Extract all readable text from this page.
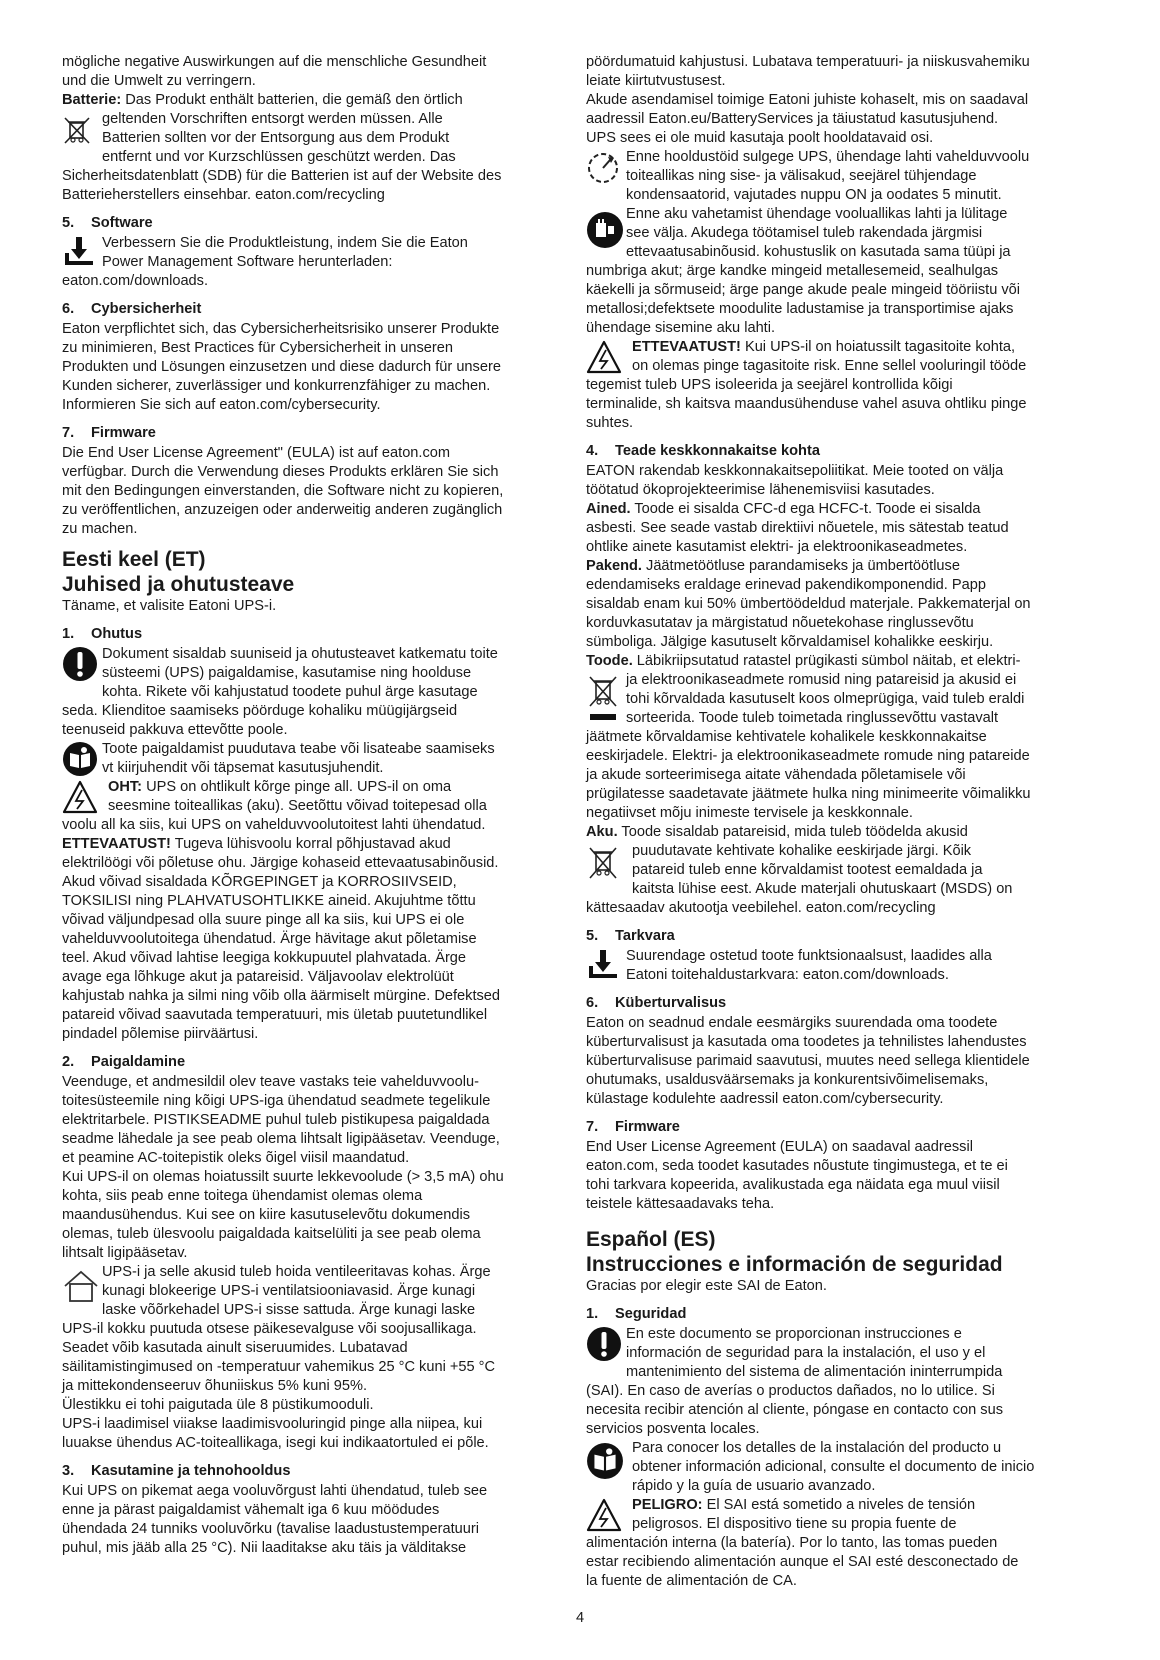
mögliche negative Auswirkungen auf die menschliche Gesundheit

und die Umwelt zu verringern.

Batterie: Das Produkt enthält batterien, die gemäß den örtlich

geltenden Vorschriften entsorgt werden müssen. Alle

Batterien sollten vor der Entsorgung aus dem Produkt

entfernt und vor Kurzschlüssen geschützt werden. Das

Sicherheitsdatenblatt (SDB) für die Batterien ist auf der Website des

Batterieherstellers einsehbar. eaton.com/recycling

5. Software

Verbessern Sie die Produktleistung, indem Sie die Eaton

Power Management Software herunterladen:

eaton.com/downloads.

6. Cybersicherheit

Eaton verpflichtet sich, das Cybersicherheitsrisiko unserer Produkte

zu minimieren, Best Practices für Cybersicherheit in unseren

Produkten und Lösungen einzusetzen und diese dadurch für unsere

Kunden sicherer, zuverlässiger und konkurrenzfähiger zu machen.

Informieren Sie sich auf eaton.com/cybersecurity.

7. Firmware

Die End User License Agreement" (EULA) ist auf eaton.com

verfügbar. Durch die Verwendung dieses Produkts erklären Sie sich

mit den Bedingungen einverstanden, die Software nicht zu kopieren,

zu veröffentlichen, anzuzeigen oder anderweitig anderen zugänglich

zu machen.

Eesti keel (ET)
Juhised ja ohutusteave

Täname, et valisite Eatoni UPS-i.

1. Ohutus

Dokument sisaldab suuniseid ja ohutusteavet katkematu toite

süsteemi (UPS) paigaldamise, kasutamise ning hoolduse

kohta. Rikete või kahjustatud toodete puhul ärge kasutage

seda. Klienditoe saamiseks pöörduge kohaliku müügijärgseid

teenuseid pakkuva ettevõtte poole.

Toote paigaldamist puudutava teabe või lisateabe saamiseks

vt kiirjuhendit või täpsemat kasutusjuhendit.

OHT: UPS on ohtlikult kõrge pinge all. UPS-il on oma

seesmine toiteallikas (aku). Seetõttu võivad toitepesad olla

voolu all ka siis, kui UPS on vahelduvvoolutoitest lahti ühendatud.

ETTEVAATUST! Tugeva lühisvoolu korral põhjustavad akud

elektrilöögi või põletuse ohu. Järgige kohaseid ettevaatusabinõusid.

Akud võivad sisaldada KÕRGEPINGET ja KORROSIIVSEID,

TOKSILISI ning PLAHVATUSOHTLIKKE aineid. Akujuhtme tõttu

võivad väljundpesad olla suure pinge all ka siis, kui UPS ei ole

vahelduvvoolutoitega ühendatud. Ärge hävitage akut põletamise

teel. Akud võivad lahtise leegiga kokkupuutel plahvatada. Ärge

avage ega lõhkuge akut ja patareisid. Väljavoolav elektrolüüt

kahjustab nahka ja silmi ning võib olla äärmiselt mürgine. Defektsed

patareid võivad saavutada temperatuuri, mis ületab puutetundlikel

pindadel põlemise piirväärtusi.

2. Paigaldamine

Veenduge, et andmesildil olev teave vastaks teie vahelduvvoolu-

toitesüsteemile ning kõigi UPS-iga ühendatud seadmete tegelikule

elektritarbele. PISTIKSEADME puhul tuleb pistikupesa paigaldada

seadme lähedale ja see peab olema lihtsalt ligipääsetav. Veenduge,

et peamine AC-toitepistik oleks õigel viisil maandatud.

Kui UPS-il on olemas hoiatussilt suurte lekkevoolude (> 3,5 mA) ohu

kohta, siis peab enne toitega ühendamist olemas olema

maandusühendus. Kui see on kiire kasutuselevõtu dokumendis

olemas, tuleb ülesvoolu paigaldada kaitselüliti ja see peab olema

lihtsalt ligipääsetav.

UPS-i ja selle akusid tuleb hoida ventileeritavas kohas. Ärge

kunagi blokeerige UPS-i ventilatsiooniavasid. Ärge kunagi

laske võõrkehadel UPS-i sisse sattuda. Ärge kunagi laske

UPS-il kokku puutuda otsese päikesevalguse või soojusallikaga.

Seadet võib kasutada ainult siseruumides. Lubatavad

säilitamistingimused on -temperatuur vahemikus 25 °C kuni +55 °C

ja mittekondenseeruv õhuniiskus 5% kuni 95%.

Ülestikku ei tohi paigutada üle 8 püstikumooduli.

UPS-i laadimisel viiakse laadimisvooluringid pinge alla niipea, kui

luuakse ühendus AC-toiteallikaga, isegi kui indikaatortuled ei põle.

3. Kasutamine ja tehnohooldus

Kui UPS on pikemat aega vooluvõrgust lahti ühendatud, tuleb see

enne ja pärast paigaldamist vähemalt iga 6 kuu möödudes

ühendada 24 tunniks vooluvõrku (tavalise laadustustemperatuuri

puhul, mis jääb alla 25 °C). Nii laaditakse aku täis ja välditakse

pöördumatuid kahjustusi. Lubatava temperatuuri- ja niiskusvahemiku

leiate kiirtutvustusest.

Akude asendamisel toimige Eatoni juhiste kohaselt, mis on saadaval

aadressil Eaton.eu/BatteryServices ja täiustatud kasutusjuhend.

UPS sees ei ole muid kasutaja poolt hooldatavaid osi.

Enne hooldustöid sulgege UPS, ühendage lahti vahelduvvoolu

toiteallikas ning sise- ja välisakud, seejärel tühjendage

kondensaatorid, vajutades nuppu ON ja oodates 5 minutit.

Enne aku vahetamist ühendage vooluallikas lahti ja lülitage

see välja. Akudega töötamisel tuleb rakendada järgmisi

ettevaatusabinõusid. kohustuslik on kasutada sama tüüpi ja

numbriga akut; ärge kandke mingeid metallesemeid, sealhulgas

käekelli ja sõrmuseid; ärge pange akude peale mingeid tööriistu või

metallosi;defektsete moodulite ladustamise ja transportimise ajaks

ühendage sisemine aku lahti.

ETTEVAATUST! Kui UPS-il on hoiatussilt tagasitoite kohta,

on olemas pinge tagasitoite risk. Enne sellel vooluringil tööde

tegemist tuleb UPS isoleerida ja seejärel kontrollida kõigi

terminalide, sh kaitsva maandusühenduse vahel asuva ohtliku pinge

suhtes.

4. Teade keskkonnakaitse kohta

EATON rakendab keskkonnakaitsepoliitikat. Meie tooted on välja

töötatud ökoprojekteerimise lähenemisviisi kasutades.

Ained. Toode ei sisalda CFC-d ega HCFC-t. Toode ei sisalda

asbesti. See seade vastab direktiivi nõuetele, mis sätestab teatud

ohtlike ainete kasutamist elektri- ja elektroonikaseadmetes.

Pakend. Jäätmetöötluse parandamiseks ja ümbertöötluse

edendamiseks eraldage erinevad pakendikomponendid. Papp

sisaldab enam kui 50% ümbertöödeldud materjale. Pakkematerjal on

korduvkasutatav ja märgistatud nõuetekohase ringlussevõtu

sümboliga. Jälgige kasutuselt kõrvaldamisel kohalikke eeskirju.

Toode. Läbikriipsutatud ratastel prügikasti sümbol näitab, et elektri-

ja elektroonikaseadmete romusid ning patareisid ja akusid ei

tohi kõrvaldada kasutuselt koos olmeprügiga, vaid tuleb eraldi

sorteerida. Toode tuleb toimetada ringlussevõttu vastavalt

jäätmete kõrvaldamise kehtivatele kohalikele keskkonnakaitse

eeskirjadele. Elektri- ja elektroonikaseadmete romude ning patareide

ja akude sorteerimisega aitate vähendada põletamisele või

prügilatesse saadetavate jäätmete hulka ning minimeerite võimalikku

negatiivset mõju inimeste tervisele ja keskkonnale.

Aku. Toode sisaldab patareisid, mida tuleb töödelda akusid

puudutavate kehtivate kohalike eeskirjade järgi. Kõik

patareid tuleb enne kõrvaldamist tootest eemaldada ja

kaitsta lühise eest. Akude materjali ohutuskaart (MSDS) on

kättesaadav akutootja veebilehel. eaton.com/recycling

5. Tarkvara

Suurendage ostetud toote funktsionaalsust, laadides alla

Eatoni toitehaldustarkvara: eaton.com/downloads.

6. Küberturvalisus

Eaton on seadnud endale eesmärgiks suurendada oma toodete

küberturvalisust ja kasutada oma toodetes ja tehnilistes lahendustes

küberturvalisuse parimaid saavutusi, muutes need sellega klientidele

ohutumaks, usaldusväärsemaks ja konkurentsivõimelisemaks,

külastage kodulehte aadressil eaton.com/cybersecurity.

7. Firmware

End User License Agreement (EULA) on saadaval aadressil

eaton.com, seda toodet kasutades nõustute tingimustega, et te ei

tohi tarkvara kopeerida, avalikustada ega näidata ega muul viisil

teistele kättesaadavaks teha.

Español (ES)
Instrucciones e información de seguridad

Gracias por elegir este SAI de Eaton.

1. Seguridad

En este documento se proporcionan instrucciones e

información de seguridad para la instalación, el uso y el

mantenimiento del sistema de alimentación ininterrumpida

(SAI). En caso de averías o productos dañados, no lo utilice. Si

necesita recibir atención al cliente, póngase en contacto con sus

servicios posventa locales.

Para conocer los detalles de la instalación del producto u

obtener información adicional, consulte el documento de inicio

rápido y la guía de usuario avanzado.

PELIGRO: El SAI está sometido a niveles de tensión

peligrosos. El dispositivo tiene su propia fuente de

alimentación interna (la batería). Por lo tanto, las tomas pueden

estar recibiendo alimentación aunque el SAI esté desconectado de

la fuente de alimentación de CA.

4
